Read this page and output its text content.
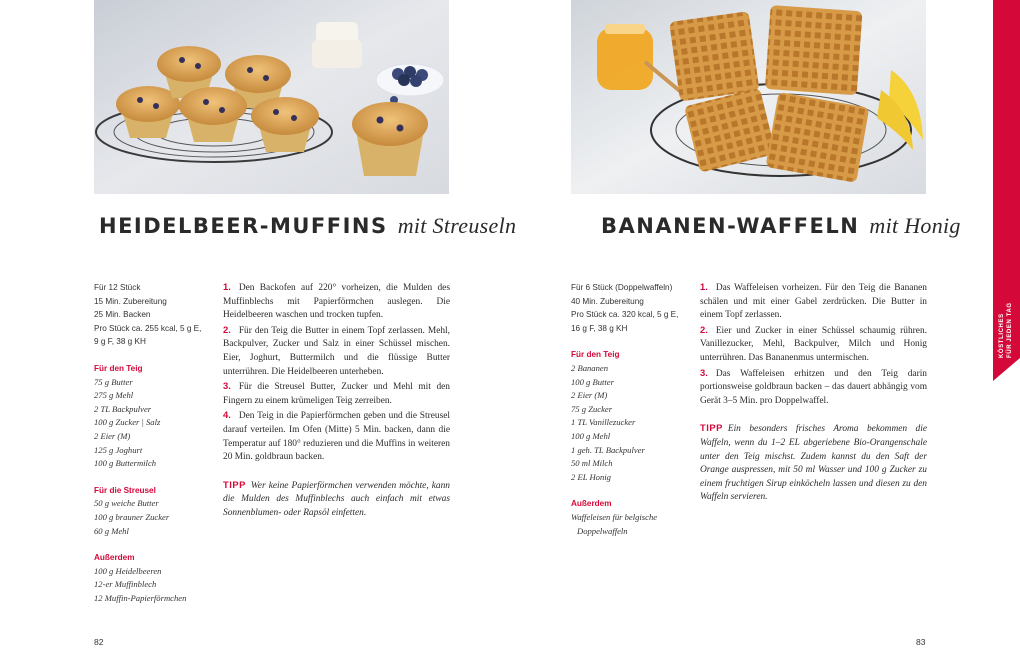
HEIDELBEER-MUFFINS mit Streuseln	BANANEN-WAFFELN mit Honig
Für 12 Stück
15 Min. Zubereitung
25 Min. Backen
Pro Stück ca. 255 kcal, 5 g E,
9 g F, 38 g KH
Für den Teig
75 g Butter
275 g Mehl
2 TL Backpulver
100 g Zucker | Salz
2 Eier (M)
125 g Joghurt
100 g Buttermilch
Für die Streusel
50 g weiche Butter
100 g brauner Zucker
60 g Mehl
Außerdem
100 g Heidelbeeren
12-er Muffinblech
12 Muffin-Papierförmchen
1. Den Backofen auf 220° vorheizen, die Mulden des Muffinblechs mit Papierförmchen auslegen. Die Heidelbeeren waschen und trocken tupfen.
2. Für den Teig die Butter in einem Topf zerlassen. Mehl, Backpulver, Zucker und Salz in einer Schüssel mischen. Eier, Joghurt, Buttermilch und die flüssige Butter unterrühren. Die Heidelbeeren unterheben.
3. Für die Streusel Butter, Zucker und Mehl mit den Fingern zu einem krümeligen Teig zerreiben.
4. Den Teig in die Papierförmchen geben und die Streusel darauf verteilen. Im Ofen (Mitte) 5 Min. backen, dann die Temperatur auf 180° reduzieren und die Muffins in weiteren 20 Min. goldbraun backen.
TIPP Wer keine Papierförmchen verwenden möchte, kann die Mulden des Muffinblechs auch einfach mit etwas Sonnenblumen- oder Rapsöl einfetten.
Für 6 Stück (Doppelwaffeln)
40 Min. Zubereitung
Pro Stück ca. 320 kcal, 5 g E,
16 g F, 38 g KH
Für den Teig
2 Bananen
100 g Butter
2 Eier (M)
75 g Zucker
1 TL Vanillezucker
100 g Mehl
1 geh. TL Backpulver
50 ml Milch
2 EL Honig
Außerdem
Waffeleisen für belgische
Doppelwaffeln
1. Das Waffeleisen vorheizen. Für den Teig die Bananen schälen und mit einer Gabel zerdrücken. Die Butter in einem Topf zerlassen.
2. Eier und Zucker in einer Schüssel schaumig rühren. Vanillezucker, Mehl, Backpulver, Milch und Honig unterrühren. Das Bananenmus untermischen.
3. Das Waffeleisen erhitzen und den Teig darin portionsweise goldbraun backen – das dauert abhängig vom Gerät 3–5 Min. pro Doppelwaffel.
TIPP Ein besonders frisches Aroma bekommen die Waffeln, wenn du 1–2 EL abgeriebene Bio-Orangenschale unter den Teig mischst. Zudem kannst du den Saft der Orange auspressen, mit 50 ml Wasser und 100 g Zucker zu einem fruchtigen Sirup einköcheln lassen und diesen zu den Waffeln servieren.
82	83
KÖSTLICHES FÜR JEDEN TAG
